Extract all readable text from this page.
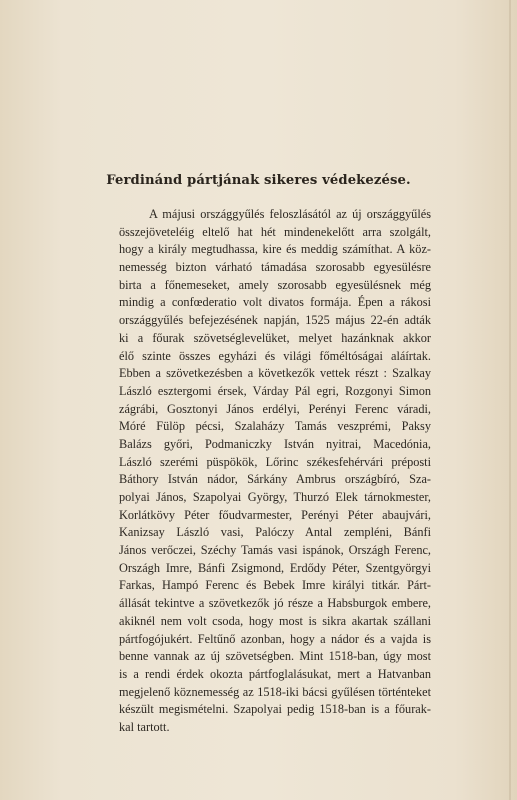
Ferdinánd pártjának sikeres védekezése.
A májusi országgyűlés feloszlásától az új országgyűlés
összejöveteléig eltelő hat hét mindenekelőtt arra szolgált,
hogy a király megtudhassa, kire és meddig számíthat. A köz-
nemesség bizton várható támadása szorosabb egyesülésre
birta a főnemeseket, amely szorosabb egyesülésnek még
mindig a confœderatio volt divatos formája. Épen a rákosi
országgyűlés befejezésének napján, 1525 május 22-én adták
ki a főurak szövetséglevelüket, melyet hazánknak akkor
élő szinte összes egyházi és világi főméltóságai aláírtak.
Ebben a szövetkezésben a következők vettek részt : Szalkay
László esztergomi érsek, Várday Pál egri, Rozgonyi Simon
zágrábi, Gosztonyi János erdélyi, Perényi Ferenc váradi,
Móré Fülöp pécsi, Szalaházy Tamás veszprémi, Paksy
Balázs győri, Podmaniczky István nyitrai, Macedónia,
László szerémi püspökök, Lőrinc székesfehérvári préposti
Báthory István nádor, Sárkány Ambrus országbíró, Sza-
polyai János, Szapolyai György, Thurzó Elek tárnokmester,
Korlátkövy Péter főudvarmester, Perényi Péter abaujvári,
Kanizsay László vasi, Palóczy Antal zempléni, Bánfi
János verőczei, Széchy Tamás vasi ispánok, Országh Ferenc,
Országh Imre, Bánfi Zsigmond, Erdődy Péter, Szentgyörgyi
Farkas, Hampó Ferenc és Bebek Imre királyi titkár. Párt-
állását tekintve a szövetkezők jó része a Habsburgok embere,
akiknél nem volt csoda, hogy most is sikra akartak szállani
pártfogójukért. Feltűnő azonban, hogy a nádor és a vajda is
benne vannak az új szövetségben. Mint 1518-ban, úgy most
is a rendi érdek okozta pártfoglalásukat, mert a Hatvanban
megjelenő köznemesség az 1518-iki bácsi gyűlésen történteket
készült megismételni. Szapolyai pedig 1518-ban is a főurak-
kal tartott.
